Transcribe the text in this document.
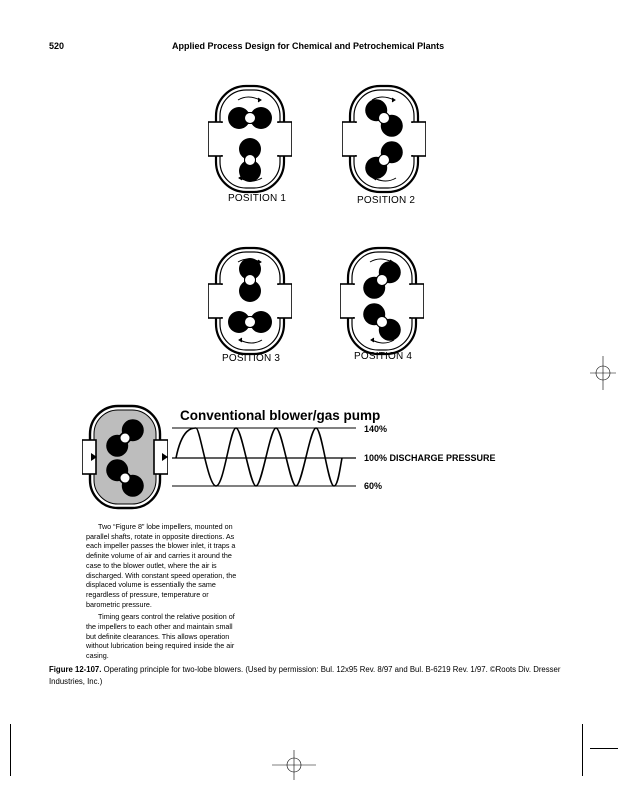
520	Applied Process Design for Chemical and Petrochemical Plants
POSITION 1	POSITION 2
POSITION 3	POSITION 4
Conventional blower/gas pump
140%
100% DISCHARGE PRESSURE
60%

Two “Figure 8” lobe impellers, mounted on parallel shafts, rotate in opposite directions. As each impeller passes the blower inlet, it traps a definite volume of air and carries it around the case to the blower outlet, where the air is discharged. With constant speed operation, the displaced volume is essentially the same regardless of pressure, temperature or barometric pressure.

Timing gears control the relative position of the impellers to each other and maintain small but definite clearances. This allows operation without lubrication being required inside the air casing.

Figure 12-107. Operating principle for two-lobe blowers. (Used by permission: Bul. 12x95 Rev. 8/97 and Bul. B-6219 Rev. 1/97. ©Roots Div. Dresser Industries, Inc.)
